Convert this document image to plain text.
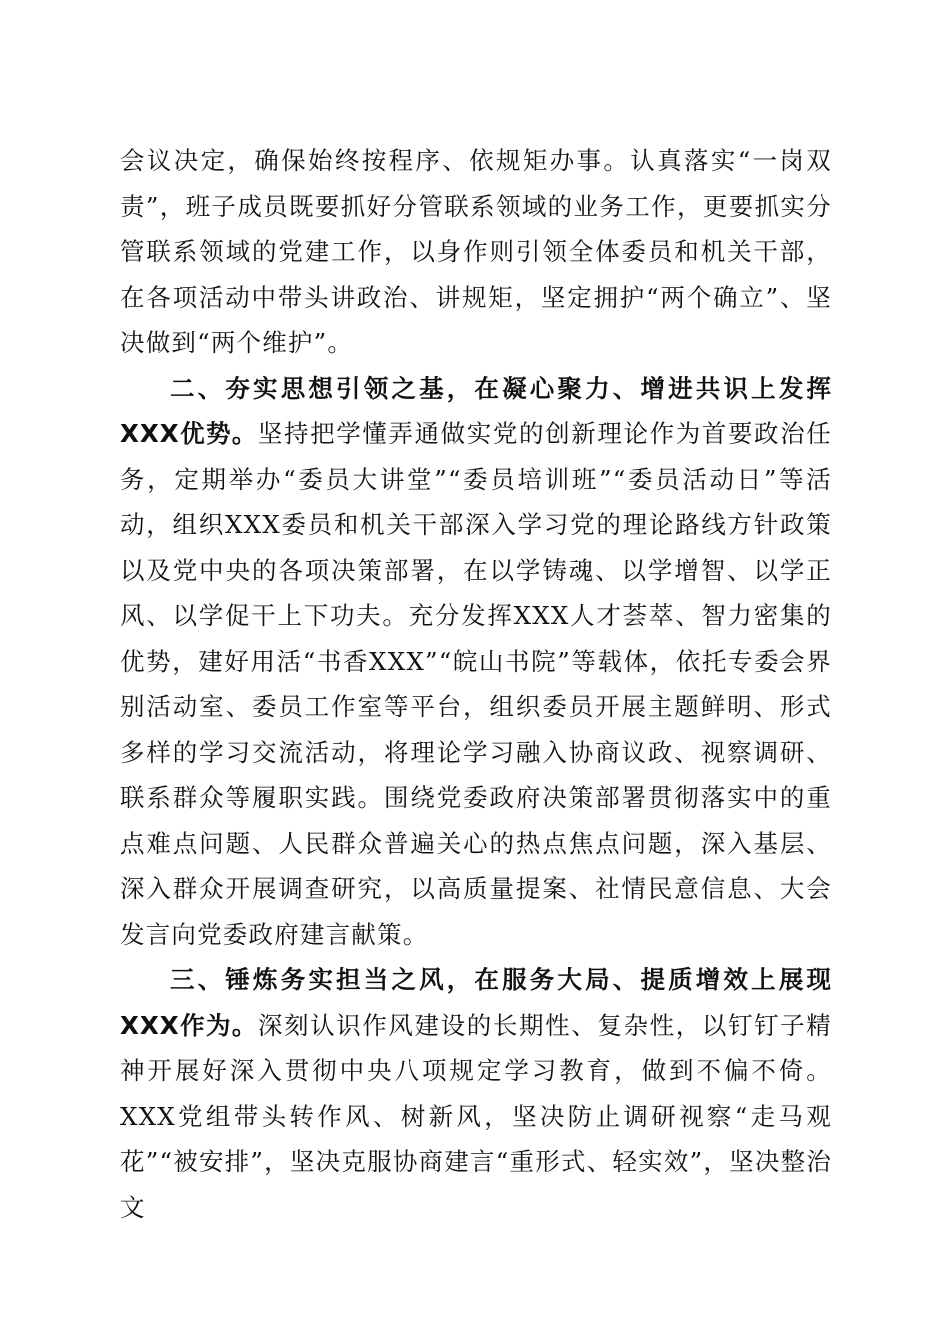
会议决定，确保始终按程序、依规矩办事。认真落实“一岗双责”，班子成员既要抓好分管联系领域的业务工作，更要抓实分管联系领域的党建工作，以身作则引领全体委员和机关干部，在各项活动中带头讲政治、讲规矩，坚定拥护“两个确立”、坚决做到“两个维护”。

二、夯实思想引领之基，在凝心聚力、增进共识上发挥XXX优势。坚持把学懂弄通做实党的创新理论作为首要政治任务，定期举办“委员大讲堂”“委员培训班”“委员活动日”等活动，组织XXX委员和机关干部深入学习党的理论路线方针政策以及党中央的各项决策部署，在以学铸魂、以学增智、以学正风、以学促干上下功夫。充分发挥XXX人才荟萃、智力密集的优势，建好用活“书香XXX”“皖山书院”等载体，依托专委会界别活动室、委员工作室等平台，组织委员开展主题鲜明、形式多样的学习交流活动，将理论学习融入协商议政、视察调研、联系群众等履职实践。围绕党委政府决策部署贯彻落实中的重点难点问题、人民群众普遍关心的热点焦点问题，深入基层、深入群众开展调查研究，以高质量提案、社情民意信息、大会发言向党委政府建言献策。

三、锤炼务实担当之风，在服务大局、提质增效上展现XXX作为。深刻认识作风建设的长期性、复杂性，以钉钉子精神开展好深入贯彻中央八项规定学习教育，做到不偏不倚。XXX党组带头转作风、树新风，坚决防止调研视察“走马观花”“被安排”，坚决克服协商建言“重形式、轻实效”，坚决整治文
